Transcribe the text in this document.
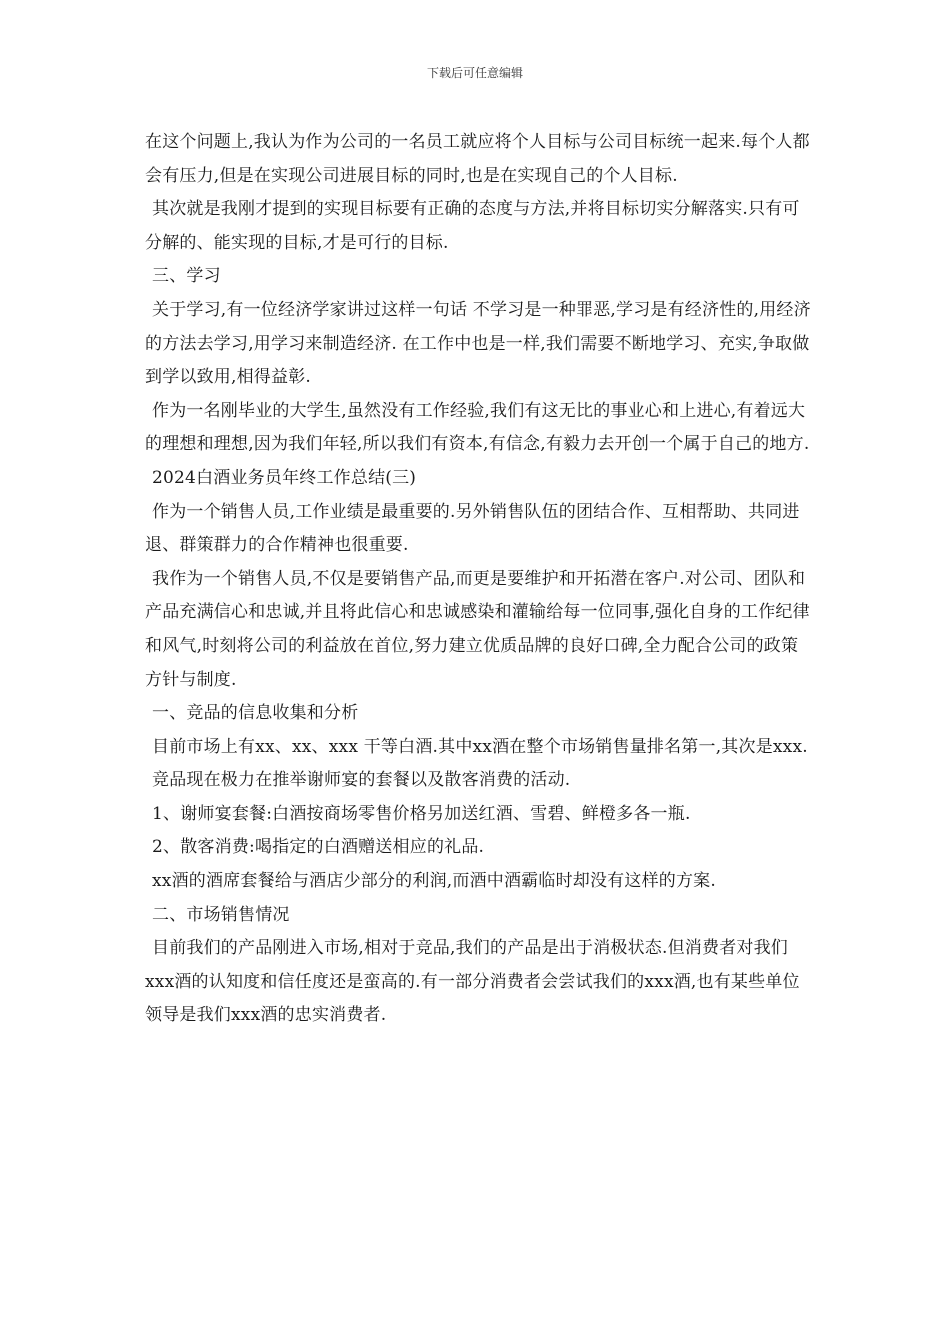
下载后可任意编辑

在这个问题上,我认为作为公司的一名员工就应将个人目标与公司目标统一起来.每个人都会有压力,但是在实现公司进展目标的同时,也是在实现自己的个人目标.

其次就是我刚才提到的实现目标要有正确的态度与方法,并将目标切实分解落实.只有可分解的、能实现的目标,才是可行的目标.

三、学习

关于学习,有一位经济学家讲过这样一句话 不学习是一种罪恶,学习是有经济性的,用经济的方法去学习,用学习来制造经济. 在工作中也是一样,我们需要不断地学习、充实,争取做到学以致用,相得益彰.

作为一名刚毕业的大学生,虽然没有工作经验,我们有这无比的事业心和上进心,有着远大的理想和理想,因为我们年轻,所以我们有资本,有信念,有毅力去开创一个属于自己的地方.

2024白酒业务员年终工作总结(三)

作为一个销售人员,工作业绩是最重要的.另外销售队伍的团结合作、互相帮助、共同进退、群策群力的合作精神也很重要.

我作为一个销售人员,不仅是要销售产品,而更是要维护和开拓潜在客户.对公司、团队和产品充满信心和忠诚,并且将此信心和忠诚感染和灌输给每一位同事,强化自身的工作纪律和风气,时刻将公司的利益放在首位,努力建立优质品牌的良好口碑,全力配合公司的政策方针与制度.

一、竞品的信息收集和分析

目前市场上有xx、xx、xxx 干等白酒.其中xx酒在整个市场销售量排名第一,其次是xxx.

竞品现在极力在推举谢师宴的套餐以及散客消费的活动.

1、谢师宴套餐:白酒按商场零售价格另加送红酒、雪碧、鲜橙多各一瓶.

2、散客消费:喝指定的白酒赠送相应的礼品.

xx酒的酒席套餐给与酒店少部分的利润,而酒中酒霸临时却没有这样的方案.

二、市场销售情况

目前我们的产品刚进入市场,相对于竞品,我们的产品是出于消极状态.但消费者对我们xxx酒的认知度和信任度还是蛮高的.有一部分消费者会尝试我们的xxx酒,也有某些单位领导是我们xxx酒的忠实消费者.
